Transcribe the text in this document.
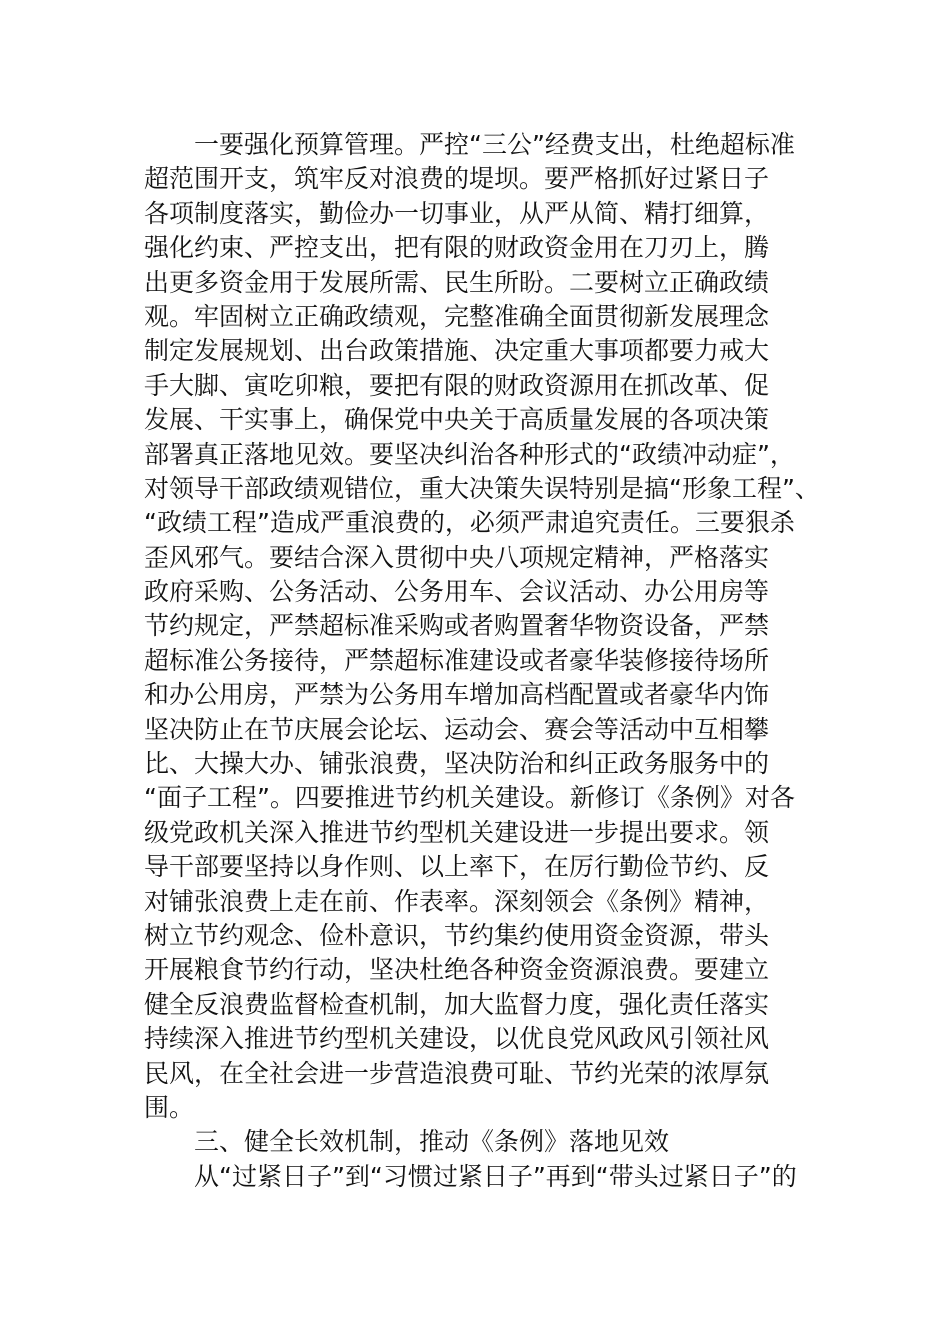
一要强化预算管理。严控“三公”经费支出，杜绝超标准
超范围开支，筑牢反对浪费的堤坝。要严格抓好过紧日子
各项制度落实，勤俭办一切事业，从严从简、精打细算，
强化约束、严控支出，把有限的财政资金用在刀刃上，腾
出更多资金用于发展所需、民生所盼。二要树立正确政绩
观。牢固树立正确政绩观，完整准确全面贯彻新发展理念
制定发展规划、出台政策措施、决定重大事项都要力戒大
手大脚、寅吃卯粮，要把有限的财政资源用在抓改革、促
发展、干实事上，确保党中央关于高质量发展的各项决策
部署真正落地见效。要坚决纠治各种形式的“政绩冲动症”，
对领导干部政绩观错位，重大决策失误特别是搞“形象工程”、
“政绩工程”造成严重浪费的，必须严肃追究责任。三要狠杀
歪风邪气。要结合深入贯彻中央八项规定精神，严格落实
政府采购、公务活动、公务用车、会议活动、办公用房等
节约规定，严禁超标准采购或者购置奢华物资设备，严禁
超标准公务接待，严禁超标准建设或者豪华装修接待场所
和办公用房，严禁为公务用车增加高档配置或者豪华内饰
坚决防止在节庆展会论坛、运动会、赛会等活动中互相攀
比、大操大办、铺张浪费，坚决防治和纠正政务服务中的
“面子工程”。四要推进节约机关建设。新修订《条例》对各
级党政机关深入推进节约型机关建设进一步提出要求。领
导干部要坚持以身作则、以上率下，在厉行勤俭节约、反
对铺张浪费上走在前、作表率。深刻领会《条例》精神，
树立节约观念、俭朴意识，节约集约使用资金资源，带头
开展粮食节约行动，坚决杜绝各种资金资源浪费。要建立
健全反浪费监督检查机制，加大监督力度，强化责任落实
持续深入推进节约型机关建设，以优良党风政风引领社风
民风，在全社会进一步营造浪费可耻、节约光荣的浓厚氛
围。
三、健全长效机制，推动《条例》落地见效
从“过紧日子”到“习惯过紧日子”再到“带头过紧日子”的
